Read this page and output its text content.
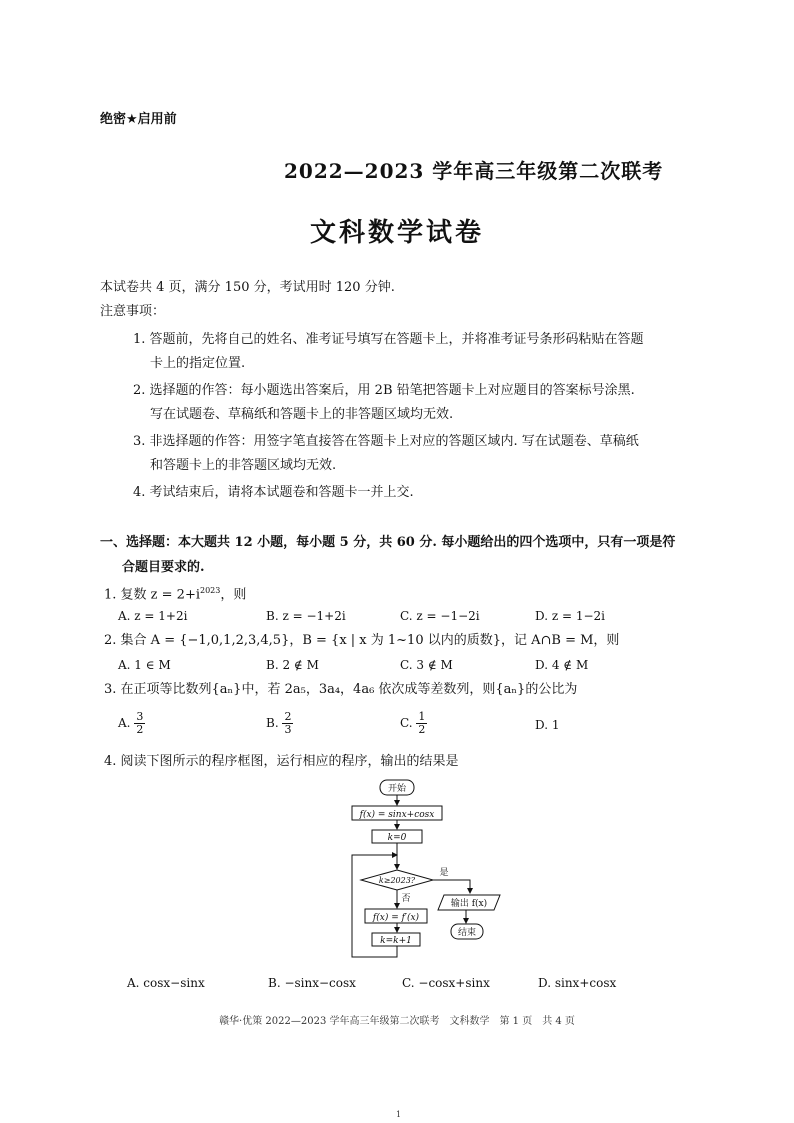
绝密★启用前
2022—2023 学年高三年级第二次联考
文科数学试卷
本试卷共 4 页，满分 150 分，考试用时 120 分钟.
注意事项：
1. 答题前，先将自己的姓名、准考证号填写在答题卡上，并将准考证号条形码粘贴在答题
卡上的指定位置.
2. 选择题的作答：每小题选出答案后，用 2B 铅笔把答题卡上对应题目的答案标号涂黑.
写在试题卷、草稿纸和答题卡上的非答题区域均无效.
3. 非选择题的作答：用签字笔直接答在答题卡上对应的答题区域内. 写在试题卷、草稿纸
和答题卡上的非答题区域均无效.
4. 考试结束后，请将本试题卷和答题卡一并上交.
一、选择题：本大题共 12 小题，每小题 5 分，共 60 分. 每小题给出的四个选项中，只有一项是符
合题目要求的.
1. 复数 $z = 2+i^{2023}$，则
A. z = 1+2i	B. z = −1+2i	C. z = −1−2i	D. z = 1−2i
2. 集合 A = {−1,0,1,2,3,4,5}，B = {x | x 为 1~10 以内的质数}，记 A∩B = M，则
A. 1 ∈ M	B. 2 ∉ M	C. 3 ∉ M	D. 4 ∉ M
3. 在正项等比数列{aₙ}中，若 2a₅，3a₄，4a₆ 依次成等差数列，则{aₙ}的公比为
A. $\frac{3}{2}$	B. $\frac{2}{3}$	C. $\frac{1}{2}$	D. 1
4. 阅读下图所示的程序框图，运行相应的程序，输出的结果是
开始
f(x) = sinx+cosx
k=0
k≥2023?
是
否	输出 f(x)
结束
f(x) = f′(x)
k=k+1
A. cosx−sinx	B. −sinx−cosx	C. −cosx+sinx	D. sinx+cosx
赣华·优策 2022—2023 学年高三年级第二次联考　文科数学　第 1 页　共 4 页
1
